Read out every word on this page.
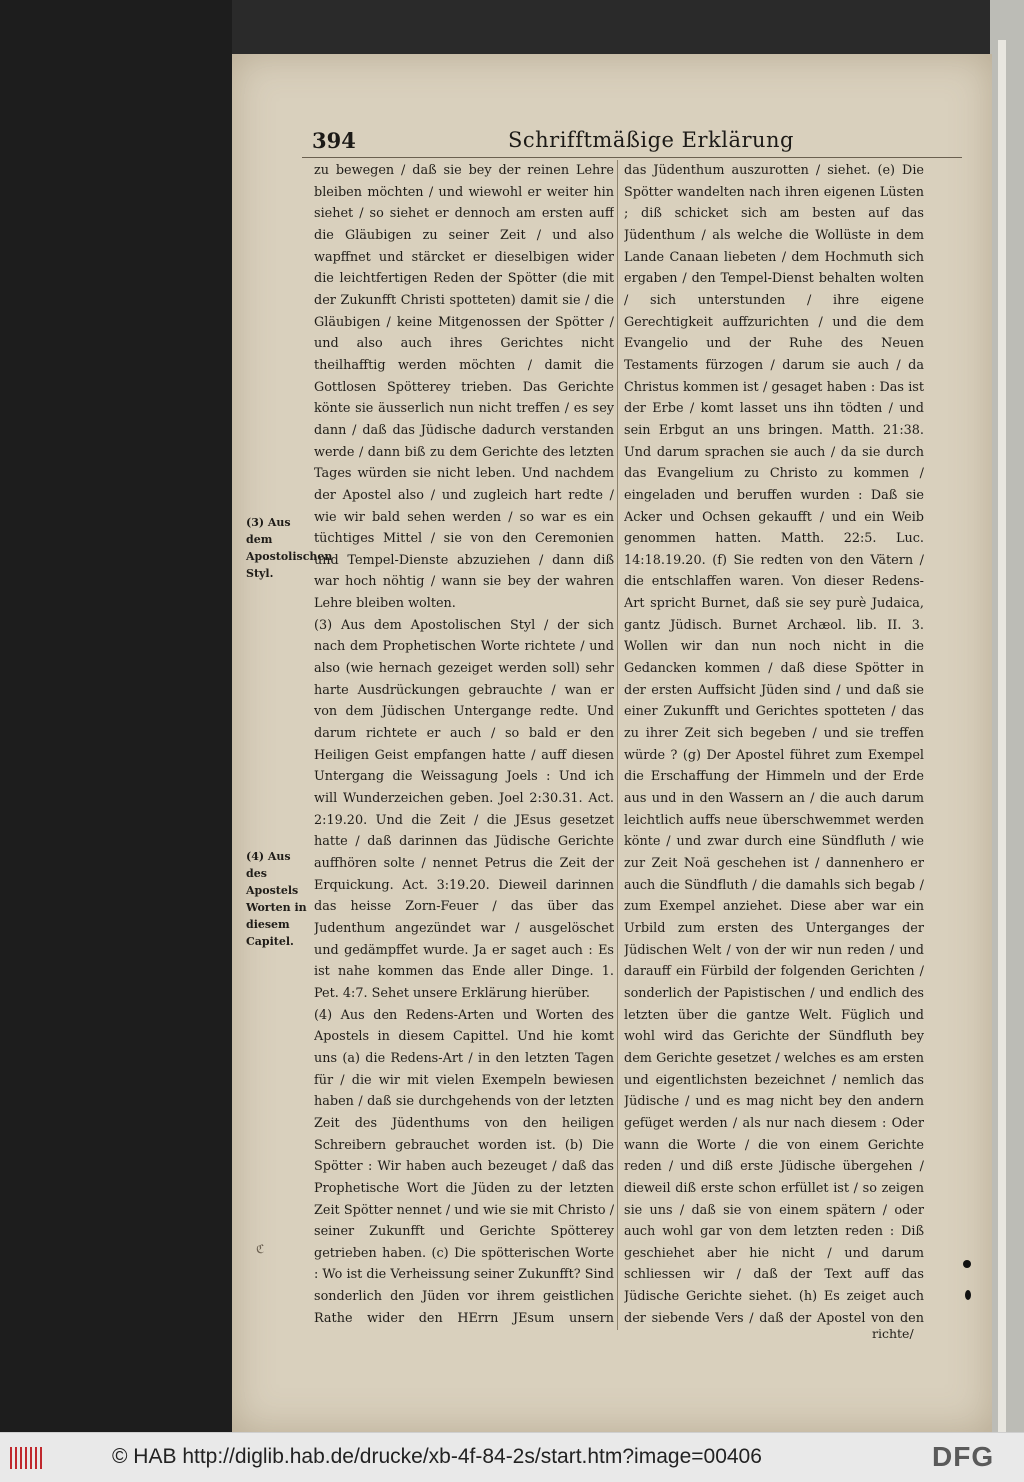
394	Schrifftmäßige Erklärung
(3) Aus dem Apostolischen Styl.
(4) Aus des Apostels Worten in diesem Capitel.

zu bewegen / daß sie bey der reinen Lehre bleiben möchten / und wiewohl er weiter hin siehet / so siehet er dennoch am ersten auff die Gläubigen zu seiner Zeit / und also wapffnet und stärcket er dieselbigen wider die leichtfertigen Reden der Spötter (die mit der Zukunfft Christi spotteten) damit sie / die Gläubigen / keine Mitgenossen der Spötter / und also auch ihres Gerichtes nicht theilhafftig werden möchten / damit die Gottlosen Spötterey trieben. Das Gerichte könte sie äusserlich nun nicht treffen / es sey dann / daß das Jüdische dadurch verstanden werde / dann biß zu dem Gerichte des letzten Tages würden sie nicht leben. Und nachdem der Apostel also / und zugleich hart redte / wie wir bald sehen werden / so war es ein tüchtiges Mittel / sie von den Ceremonien und Tempel-Dienste abzuziehen / dann diß war hoch nöhtig / wann sie bey der wahren Lehre bleiben wolten.

(3) Aus dem Apostolischen Styl / der sich nach dem Prophetischen Worte richtete / und also (wie hernach gezeiget werden soll) sehr harte Ausdrückungen gebrauchte / wan er von dem Jüdischen Untergange redte. Und darum richtete er auch / so bald er den Heiligen Geist empfangen hatte / auff diesen Untergang die Weissagung Joels : Und ich will Wunderzeichen geben. Joel 2:30.31. Act. 2:19.20. Und die Zeit / die JEsus gesetzet hatte / daß darinnen das Jüdische Gerichte auffhören solte / nennet Petrus die Zeit der Erquickung. Act. 3:19.20. Dieweil darinnen das heisse Zorn-Feuer / das über das Judenthum angezündet war / ausgelöschet und gedämpffet wurde. Ja er saget auch : Es ist nahe kommen das Ende aller Dinge. 1. Pet. 4:7. Sehet unsere Erklärung hierüber.

(4) Aus den Redens-Arten und Worten des Apostels in diesem Capittel. Und hie komt uns (a) die Redens-Art / in den letzten Tagen für / die wir mit vielen Exempeln bewiesen haben / daß sie durchgehends von der letzten Zeit des Jüdenthums von den heiligen Schreibern gebrauchet worden ist. (b) Die Spötter : Wir haben auch bezeuget / daß das Prophetische Wort die Jüden zu der letzten Zeit Spötter nennet / und wie sie mit Christo / seiner Zukunfft und Gerichte Spötterey getrieben haben. (c) Die spötterischen Worte : Wo ist die Verheissung seiner Zukunfft? Sind sonderlich den Jüden vor ihrem geistlichen Rathe wider den HErrn JEsum unsern

das Jüdenthum auszurotten / siehet. (e) Die Spötter wandelten nach ihren eigenen Lüsten ; diß schicket sich am besten auf das Jüdenthum / als welche die Wollüste in dem Lande Canaan liebeten / dem Hochmuth sich ergaben / den Tempel-Dienst behalten wolten / sich unterstunden / ihre eigene Gerechtigkeit auffzurichten / und die dem Evangelio und der Ruhe des Neuen Testaments fürzogen / darum sie auch / da Christus kommen ist / gesaget haben : Das ist der Erbe / komt lasset uns ihn tödten / und sein Erbgut an uns bringen. Matth. 21:38. Und darum sprachen sie auch / da sie durch das Evangelium zu Christo zu kommen / eingeladen und beruffen wurden : Daß sie Acker und Ochsen gekaufft / und ein Weib genommen hatten. Matth. 22:5. Luc. 14:18.19.20. (f) Sie redten von den Vätern / die entschlaffen waren. Von dieser Redens-Art spricht Burnet, daß sie sey purè Judaica, gantz Jüdisch. Burnet Archæol. lib. II. 3. Wollen wir dan nun noch nicht in die Gedancken kommen / daß diese Spötter in der ersten Auffsicht Jüden sind / und daß sie einer Zukunfft und Gerichtes spotteten / das zu ihrer Zeit sich begeben / und sie treffen würde ? (g) Der Apostel führet zum Exempel die Erschaffung der Himmeln und der Erde aus und in den Wassern an / die auch darum leichtlich auffs neue überschwemmet werden könte / und zwar durch eine Sündfluth / wie zur Zeit Noä geschehen ist / dannenhero er auch die Sündfluth / die damahls sich begab / zum Exempel anziehet. Diese aber war ein Urbild zum ersten des Unterganges der Jüdischen Welt / von der wir nun reden / und darauff ein Fürbild der folgenden Gerichten / sonderlich der Papistischen / und endlich des letzten über die gantze Welt. Füglich und wohl wird das Gerichte der Sündfluth bey dem Gerichte gesetzet / welches es am ersten und eigentlichsten bezeichnet / nemlich das Jüdische / und es mag nicht bey den andern gefüget werden / als nur nach diesem : Oder wann die Worte / die von einem Gerichte reden / und diß erste Jüdische übergehen / dieweil diß erste schon erfüllet ist / so zeigen sie uns / daß sie von einem spätern / oder auch wohl gar von dem letzten reden : Diß geschiehet aber hie nicht / und darum schliessen wir / daß der Text auff das Jüdische Gerichte siehet. (h) Es zeiget auch der siebende Vers / daß der Apostel von den

ℭ
richte/
© HAB http://diglib.hab.de/drucke/xb-4f-84-2s/start.htm?image=00406	DFG
